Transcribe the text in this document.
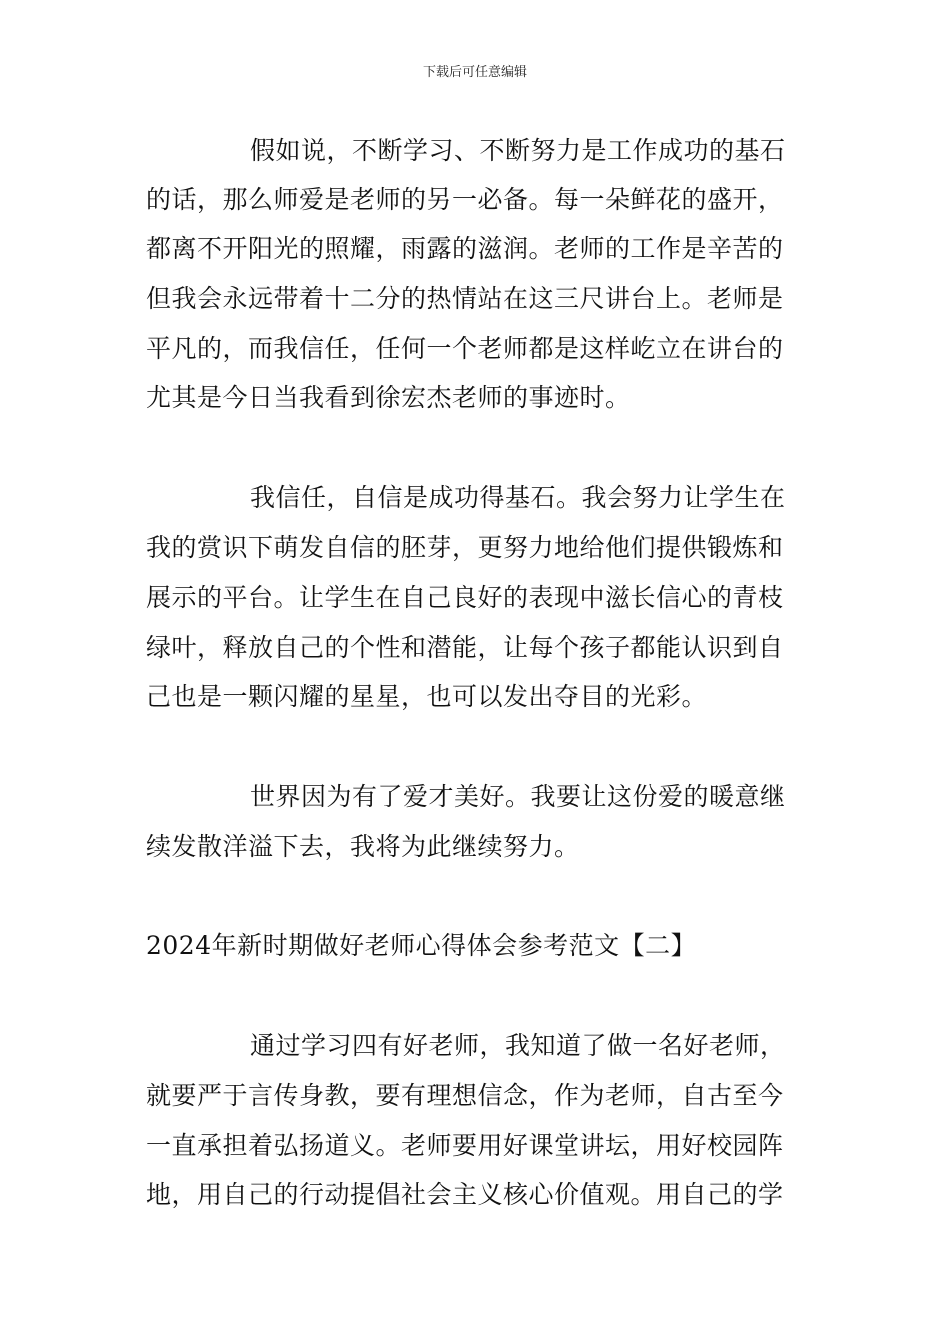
下载后可任意编辑
假如说，不断学习、不断努力是工作成功的基石
的话，那么师爱是老师的另一必备。每一朵鲜花的盛开，
都离不开阳光的照耀，雨露的滋润。老师的工作是辛苦的
但我会永远带着十二分的热情站在这三尺讲台上。老师是
平凡的，而我信任，任何一个老师都是这样屹立在讲台的
尤其是今日当我看到徐宏杰老师的事迹时。
我信任，自信是成功得基石。我会努力让学生在
我的赏识下萌发自信的胚芽，更努力地给他们提供锻炼和
展示的平台。让学生在自己良好的表现中滋长信心的青枝
绿叶，释放自己的个性和潜能，让每个孩子都能认识到自
己也是一颗闪耀的星星，也可以发出夺目的光彩。
世界因为有了爱才美好。我要让这份爱的暖意继
续发散洋溢下去，我将为此继续努力。
2024年新时期做好老师心得体会参考范文【二】
通过学习四有好老师，我知道了做一名好老师，
就要严于言传身教，要有理想信念，作为老师，自古至今
一直承担着弘扬道义。老师要用好课堂讲坛，用好校园阵
地，用自己的行动提倡社会主义核心价值观。用自己的学
